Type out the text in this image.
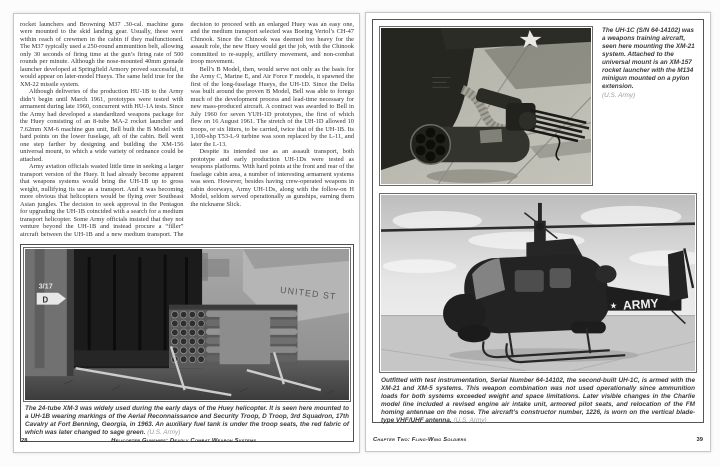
rocket launchers and Browning M37 .30-cal. machine guns were mounted to the skid landing gear. Usually, these were within reach of crewmen in the cabin if they malfunctioned. The M37 typically used a 250-round ammunition belt, allowing only 30 seconds of firing time at the gun’s firing rate of 500 rounds per minute. Although the nose-mounted 40mm grenade launcher developed at Springfield Armory proved successful, it would appear on later-model Hueys. The same held true for the XM-22 missile system.

Although deliveries of the production HU-1B to the Army didn’t begin until March 1961, prototypes were tested with armament during late 1960, concurrent with HU-1A tests. Since the Army had developed a standardized weapons package for the Huey consisting of an 8-tube MA-2 rocket launcher and 7.62mm XM-6 machine gun unit, Bell built the B Model with hard points on the lower fuselage, aft of the cabin. Bell went one step farther by designing and building the XM-156 universal mount, to which a wide variety of ordnance could be attached.

Army aviation officials wasted little time in seeking a larger transport version of the Huey. It had already become apparent that weapons systems would bring the UH-1B up to gross weight, nullifying its use as a transport. And it was becoming more obvious that helicopters would be flying over Southeast Asian jungles. The decision to seek approval in the Pentagon for upgrading the UH-1B coincided with a search for a medium transport helicopter. Some Army officials insisted that they not venture beyond the UH-1B and instead procure a “filler” aircraft between the UH-1B and a new medium transport. The decision to proceed with an enlarged Huey was an easy one, and the medium transport selected was Boeing Vertol’s CH-47 Chinook. Since the Chinook was deemed too heavy for the assault role, the new Huey would get the job, with the Chinook committed to re-supply, artillery movement, and non-combat troop movement.

Bell’s B Model, then, would serve not only as the basis for the Army C, Marine E, and Air Force F models, it spawned the first of the long-fuselage Hueys, the UH-1D. Since the Delta was built around the proven B Model, Bell was able to forego much of the development process and lead-time necessary for new mass-produced aircraft. A contract was awarded to Bell in July 1960 for seven YUH-1D prototypes, the first of which flew on 16 August 1961. The stretch of the UH-1D allowed 10 troops, or six litters, to be carried, twice that of the UH-1B. Its 1,100-shp T53-L-9 turbine was soon replaced by the L-11, and later the L-13.

Despite its intended use as an assault transport, both prototype and early production UH-1Ds were tested as weapons platforms. With hard points at the front and rear of the fuselage cabin area, a number of interesting armament systems was seen. However, besides having crew-operated weapons in cabin doorways, Army UH-1Ds, along with the follow-on H Model, seldom served operationally as gunships, earning them the nickname Slick.

UNITED ST
3/17
D
The 24-tube XM-3 was widely used during the early days of the Huey helicopter. It is seen here mounted to a UH-1B wearing markings of the Aerial Reconnaissance and Security Troop, D Troop, 3rd Squadron, 17th Cavalry at Fort Benning, Georgia, in 1963. An auxiliary fuel tank is under the troop seats, the red fabric of which was later changed to sage green. (U.S. Army)
28	Helicopter Gunships: Deadly Combat Weapon Systems
The UH-1C (S/N 64-14102) was a weapons training aircraft, seen here mounting the XM-21 system. Attached to the universal mount is an XM-157 rocket launcher with the M134 minigun mounted on a pylon extension.
(U.S. Army)
★ ARMY
Outfitted with test instrumentation, Serial Number 64-14102, the second-built UH-1C, is armed with the XM-21 and XM-5 systems. This weapon combination was not used operationally since ammunition loads for both systems exceeded weight and space limitations. Later visible changes in the Charlie model line included a revised engine air intake unit, armored pilot seats, and relocation of the FM homing antennae on the nose. The aircraft’s constructor number, 1226, is worn on the vertical blade-type VHF/UHF antenna. (U.S. Army)
Chapter Two: Fling-Wing Soldiers	39
